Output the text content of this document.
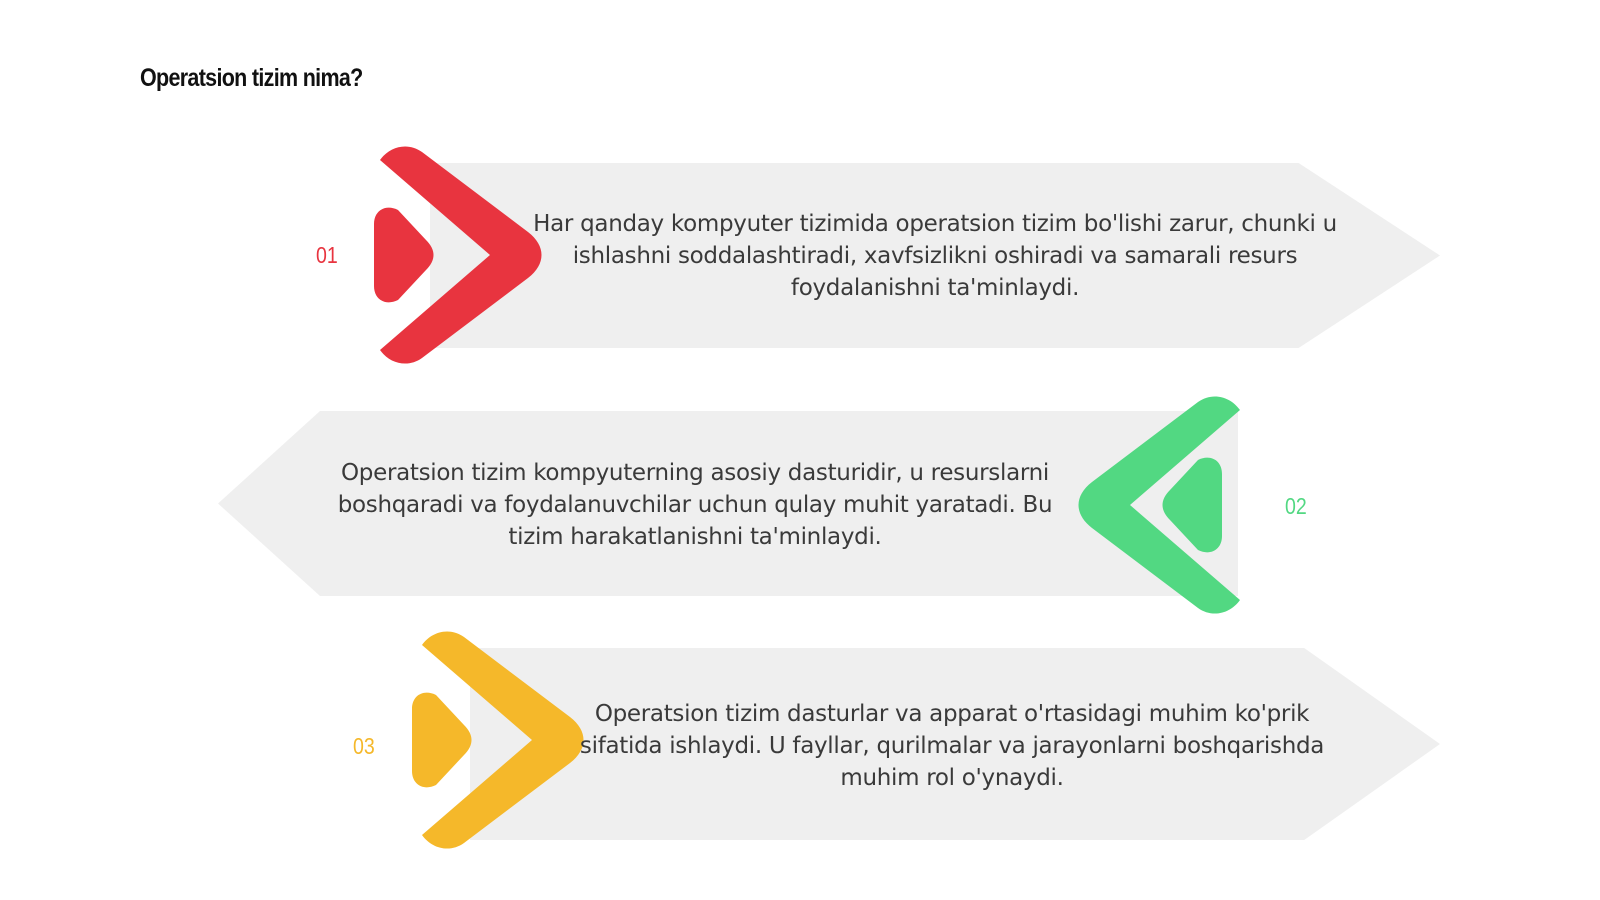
Operatsion tizim nima?
01
Har qanday kompyuter tizimida operatsion tizim bo'lishi zarur, chunki u ishlashni soddalashtiradi, xavfsizlikni oshiradi va samarali resurs foydalanishni ta'minlaydi.
02
Operatsion tizim kompyuterning asosiy dasturidir, u resurslarni boshqaradi va foydalanuvchilar uchun qulay muhit yaratadi. Bu tizim harakatlanishni ta'minlaydi.
03
Operatsion tizim dasturlar va apparat o'rtasidagi muhim ko'prik sifatida ishlaydi. U fayllar, qurilmalar va jarayonlarni boshqarishda muhim rol o'ynaydi.
